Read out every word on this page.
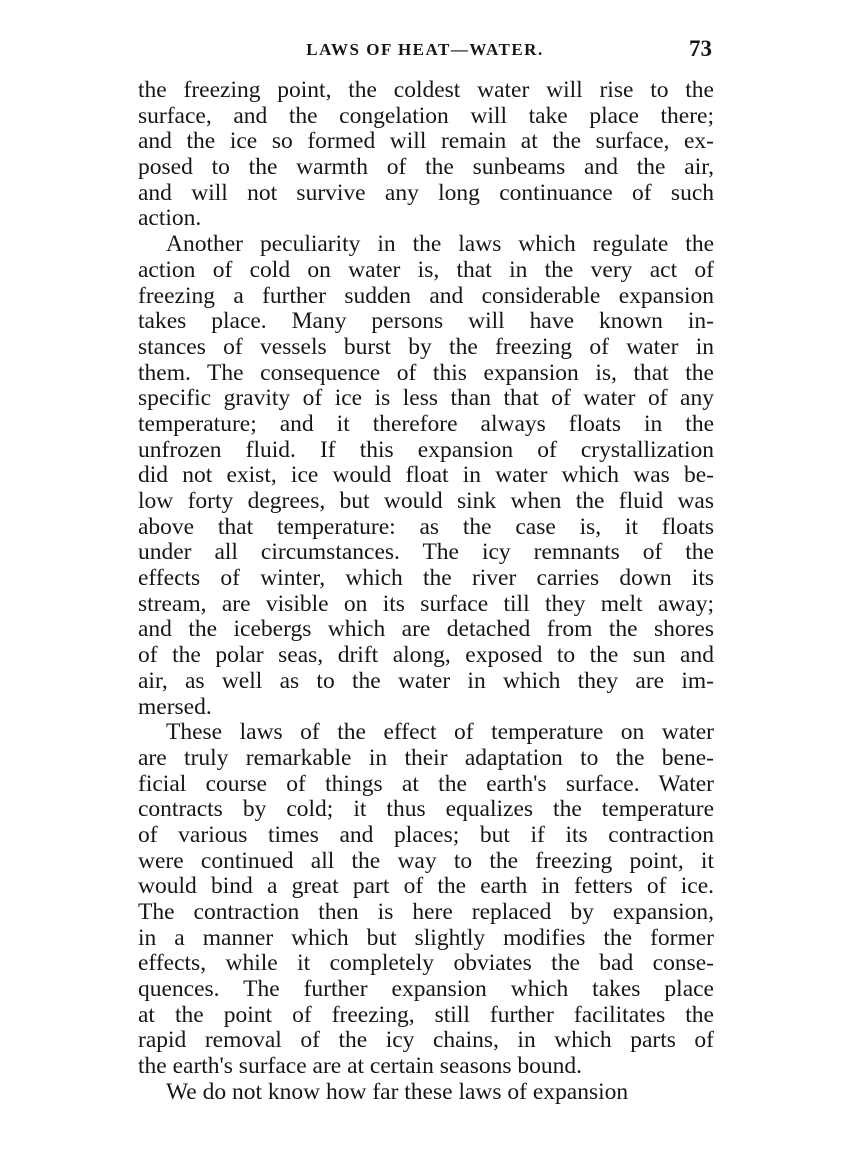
LAWS OF HEAT—WATER.	73
the freezing point, the coldest water will rise to the
surface, and the congelation will take place there;
and the ice so formed will remain at the surface, ex-
posed to the warmth of the sunbeams and the air,
and will not survive any long continuance of such
action.
Another peculiarity in the laws which regulate the
action of cold on water is, that in the very act of
freezing a further sudden and considerable expansion
takes place. Many persons will have known in-
stances of vessels burst by the freezing of water in
them. The consequence of this expansion is, that the
specific gravity of ice is less than that of water of any
temperature; and it therefore always floats in the
unfrozen fluid. If this expansion of crystallization
did not exist, ice would float in water which was be-
low forty degrees, but would sink when the fluid was
above that temperature: as the case is, it floats
under all circumstances. The icy remnants of the
effects of winter, which the river carries down its
stream, are visible on its surface till they melt away;
and the icebergs which are detached from the shores
of the polar seas, drift along, exposed to the sun and
air, as well as to the water in which they are im-
mersed.
These laws of the effect of temperature on water
are truly remarkable in their adaptation to the bene-
ficial course of things at the earth's surface. Water
contracts by cold; it thus equalizes the temperature
of various times and places; but if its contraction
were continued all the way to the freezing point, it
would bind a great part of the earth in fetters of ice.
The contraction then is here replaced by expansion,
in a manner which but slightly modifies the former
effects, while it completely obviates the bad conse-
quences. The further expansion which takes place
at the point of freezing, still further facilitates the
rapid removal of the icy chains, in which parts of
the earth's surface are at certain seasons bound.
We do not know how far these laws of expansion
